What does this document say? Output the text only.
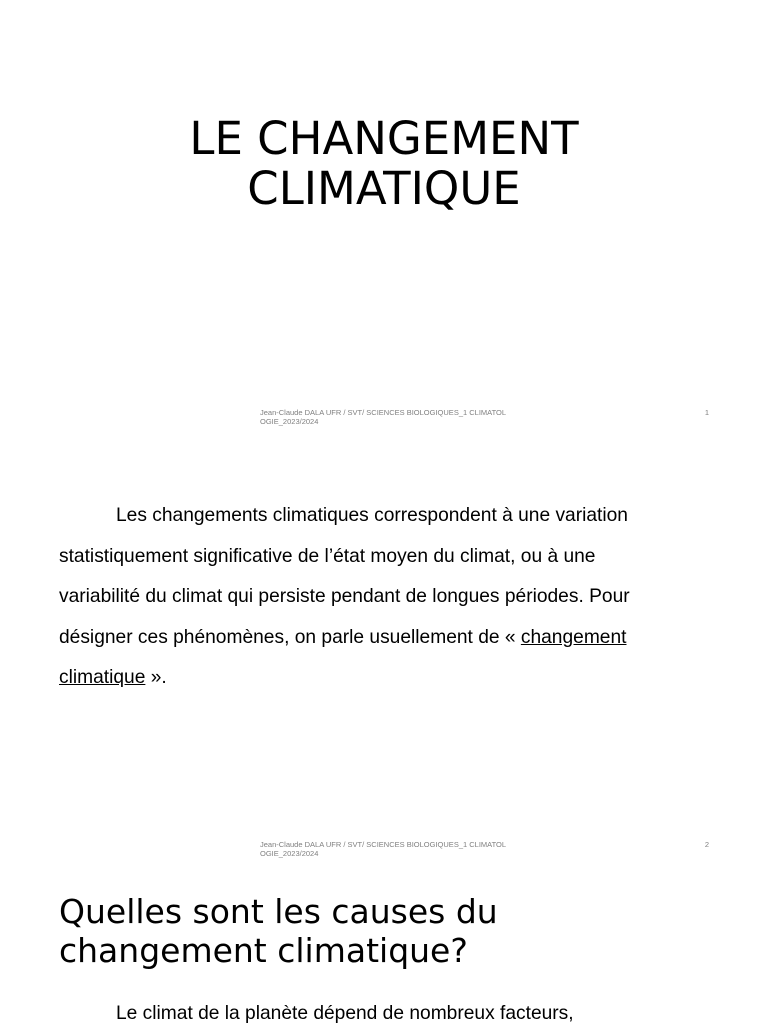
LE CHANGEMENT
CLIMATIQUE
Jean-Claude DALA UFR / SVT/ SCIENCES BIOLOGIQUES_1 CLIMATOLOGIE_2023/2024
1

Les changements climatiques correspondent à une variation statistiquement significative de l’état moyen du climat, ou à une variabilité du climat qui persiste pendant de longues périodes. Pour désigner ces phénomènes, on parle usuellement de « changement climatique ».

Jean-Claude DALA UFR / SVT/ SCIENCES BIOLOGIQUES_1 CLIMATOLOGIE_2023/2024
2
Quelles sont les causes du
changement climatique?

Le climat de la planète dépend de nombreux facteurs,
